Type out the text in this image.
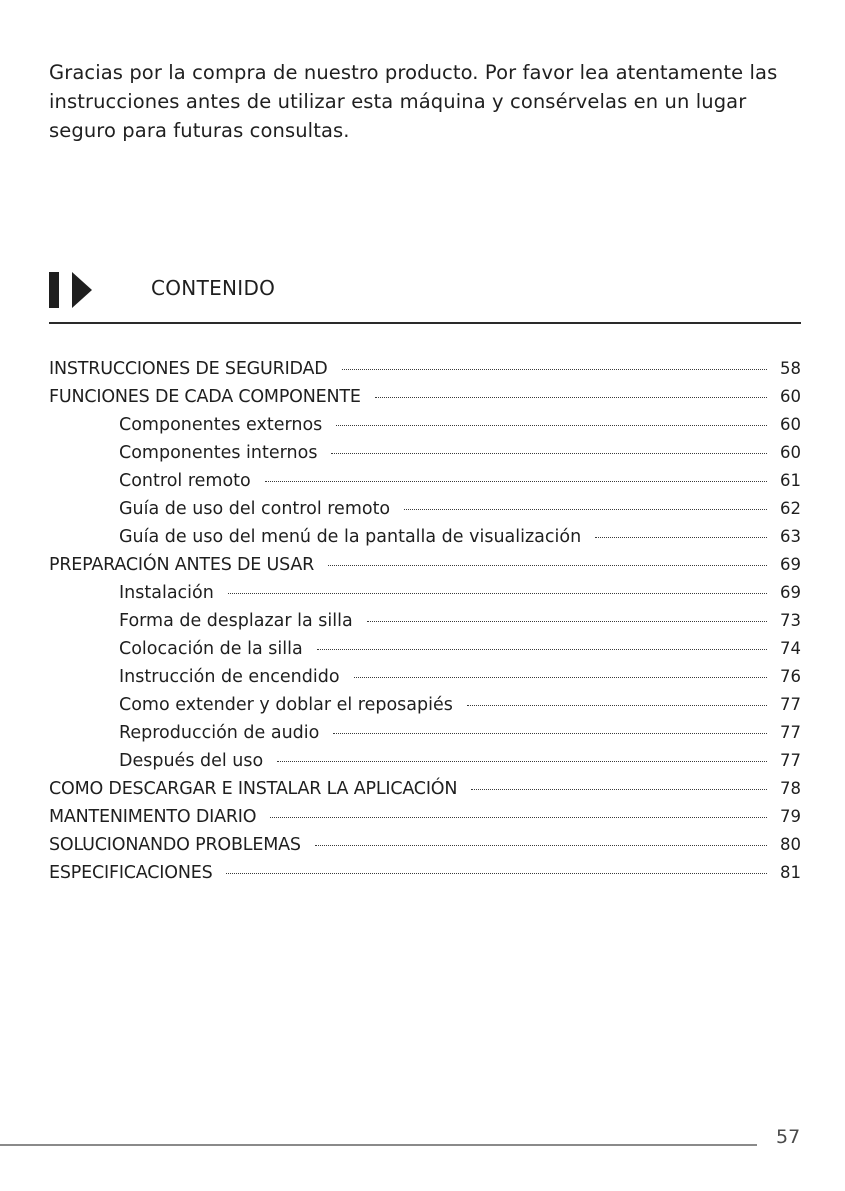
Gracias por la compra de nuestro producto. Por favor lea atentamente las instrucciones antes de utilizar esta máquina y consérvelas en un lugar seguro para futuras consultas.

CONTENIDO
INSTRUCCIONES DE SEGURIDAD	58
FUNCIONES DE CADA COMPONENTE	60
Componentes externos	60
Componentes internos	60
Control remoto	61
Guía de uso del control remoto	62
Guía de uso del menú de la pantalla de visualización	63
PREPARACIÓN ANTES DE USAR	69
Instalación	69
Forma de desplazar la silla	73
Colocación de la silla	74
Instrucción de encendido	76
Como extender y doblar el reposapiés	77
Reproducción de audio	77
Después del uso	77
COMO DESCARGAR E INSTALAR LA APLICACIÓN	78
MANTENIMENTO DIARIO	79
SOLUCIONANDO PROBLEMAS	80
ESPECIFICACIONES	81
57
